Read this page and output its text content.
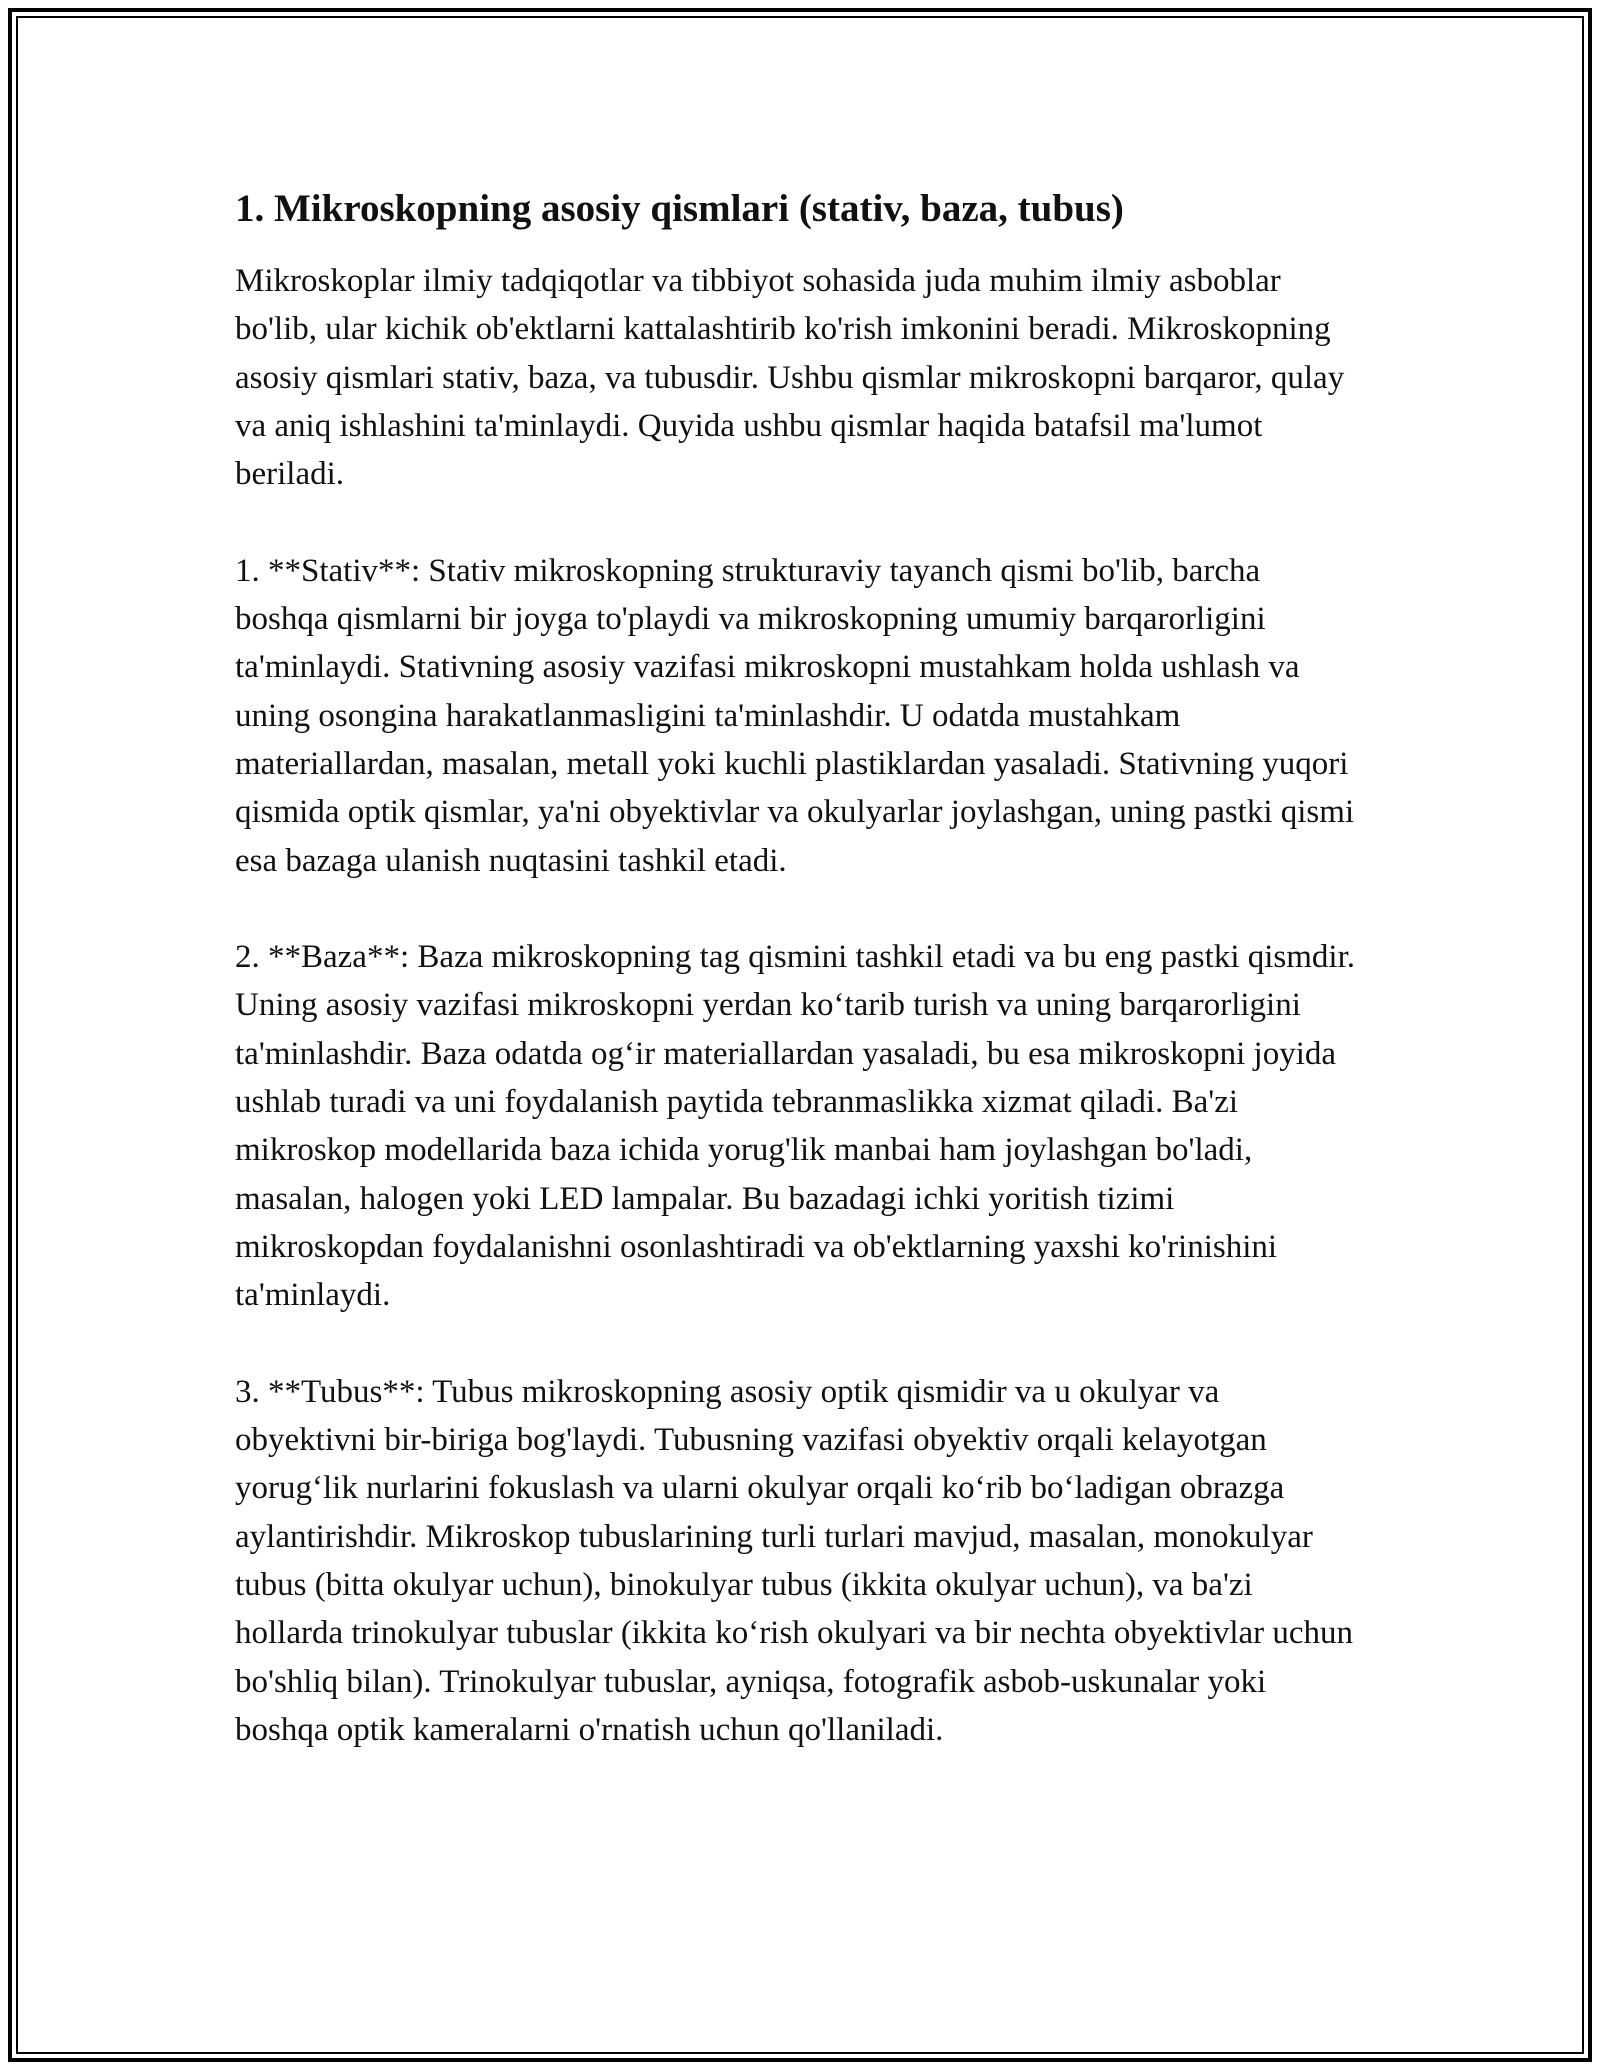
1. Mikroskopning asosiy qismlari (stativ, baza, tubus)

Mikroskoplar ilmiy tadqiqotlar va tibbiyot sohasida juda muhim ilmiy asboblar bo'lib, ular kichik ob'ektlarni kattalashtirib ko'rish imkonini beradi. Mikroskopning asosiy qismlari stativ, baza, va tubusdir. Ushbu qismlar mikroskopni barqaror, qulay va aniq ishlashini ta'minlaydi. Quyida ushbu qismlar haqida batafsil ma'lumot beriladi.

1. **Stativ**: Stativ mikroskopning strukturaviy tayanch qismi bo'lib, barcha boshqa qismlarni bir joyga to'playdi va mikroskopning umumiy barqarorligini ta'minlaydi. Stativning asosiy vazifasi mikroskopni mustahkam holda ushlash va uning osongina harakatlanmasligini ta'minlashdir. U odatda mustahkam materiallardan, masalan, metall yoki kuchli plastiklardan yasaladi. Stativning yuqori qismida optik qismlar, ya'ni obyektivlar va okulyarlar joylashgan, uning pastki qismi esa bazaga ulanish nuqtasini tashkil etadi.

2. **Baza**: Baza mikroskopning tag qismini tashkil etadi va bu eng pastki qismdir. Uning asosiy vazifasi mikroskopni yerdan koʻtarib turish va uning barqarorligini ta'minlashdir. Baza odatda ogʻir materiallardan yasaladi, bu esa mikroskopni joyida ushlab turadi va uni foydalanish paytida tebranmaslikka xizmat qiladi. Ba'zi mikroskop modellarida baza ichida yorug'lik manbai ham joylashgan bo'ladi, masalan, halogen yoki LED lampalar. Bu bazadagi ichki yoritish tizimi mikroskopdan foydalanishni osonlashtiradi va ob'ektlarning yaxshi ko'rinishini ta'minlaydi.

3. **Tubus**: Tubus mikroskopning asosiy optik qismidir va u okulyar va obyektivni bir-biriga bog'laydi. Tubusning vazifasi obyektiv orqali kelayotgan yorugʻlik nurlarini fokuslash va ularni okulyar orqali koʻrib boʻladigan obrazga aylantirishdir. Mikroskop tubuslarining turli turlari mavjud, masalan, monokulyar tubus (bitta okulyar uchun), binokulyar tubus (ikkita okulyar uchun), va ba'zi hollarda trinokulyar tubuslar (ikkita koʻrish okulyari va bir nechta obyektivlar uchun bo'shliq bilan). Trinokulyar tubuslar, ayniqsa, fotografik asbob-uskunalar yoki boshqa optik kameralarni o'rnatish uchun qo'llaniladi.
